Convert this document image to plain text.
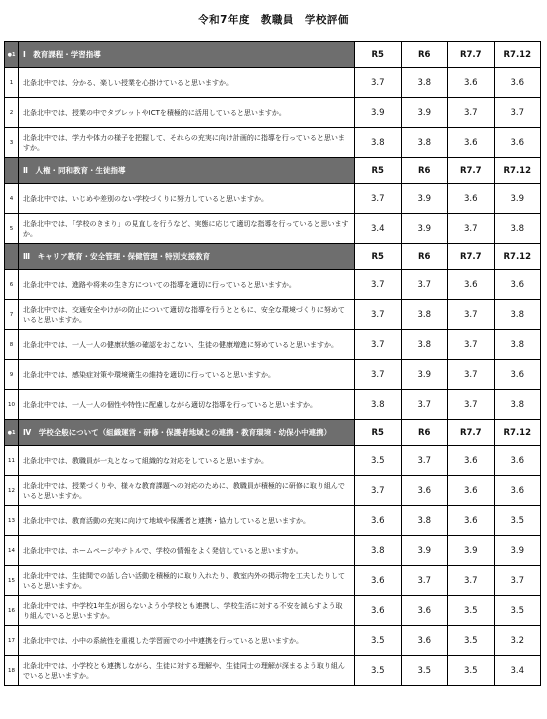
令和7年度　教職員　学校評価
●1	Ⅰ　教育課程・学習指導	R5	R6	R7.7	R7.12
1	北条北中では、分かる、楽しい授業を心掛けていると思いますか。	3.7	3.8	3.6	3.6
2	北条北中では、授業の中でタブレットやICTを積極的に活用していると思いますか。	3.9	3.9	3.7	3.7
3	北条北中では、学力や体力の様子を把握して、それらの充実に向け計画的に指導を行っていると思いますか。	3.8	3.8	3.6	3.6
	Ⅱ　人権・同和教育・生徒指導	R5	R6	R7.7	R7.12
4	北条北中では、いじめや差別のない学校づくりに努力していると思いますか。	3.7	3.9	3.6	3.9
5	北条北中では、「学校のきまり」の見直しを行うなど、実態に応じて適切な指導を行っていると思いますか。	3.4	3.9	3.7	3.8
	Ⅲ　キャリア教育・安全管理・保健管理・特別支援教育	R5	R6	R7.7	R7.12
6	北条北中では、進路や将来の生き方についての指導を適切に行っていると思いますか。	3.7	3.7	3.6	3.6
7	北条北中では、交通安全やけがの防止について適切な指導を行うとともに、安全な環境づくりに努めていると思いますか。	3.7	3.8	3.7	3.8
8	北条北中では、一人一人の健康状態の確認をおこない、生徒の健康増進に努めていると思いますか。	3.7	3.8	3.7	3.8
9	北条北中では、感染症対策や環境衛生の維持を適切に行っていると思いますか。	3.7	3.9	3.7	3.6
10	北条北中では、一人一人の個性や特性に配慮しながら適切な指導を行っていると思いますか。	3.8	3.7	3.7	3.8
●1	Ⅳ　学校全般について（組織運営・研修・保護者地域との連携・教育環境・幼保小中連携）	R5	R6	R7.7	R7.12
11	北条北中では、教職員が一丸となって組織的な対応をしていると思いますか。	3.5	3.7	3.6	3.6
12	北条北中では、授業づくりや、様々な教育課題への対応のために、教職員が積極的に研修に取り組んでいると思いますか。	3.7	3.6	3.6	3.6
13	北条北中では、教育活動の充実に向けて地域や保護者と連携・協力していると思いますか。	3.6	3.8	3.6	3.5
14	北条北中では、ホームページやテトルで、学校の情報をよく発信していると思いますか。	3.8	3.9	3.9	3.9
15	北条北中では、生徒間での話し合い活動を積極的に取り入れたり、教室内外の掲示物を工夫したりしていると思いますか。	3.6	3.7	3.7	3.7
16	北条北中では、中学校1年生が困らないよう小学校とも連携し、学校生活に対する不安を減らすよう取り組んでいると思いますか。	3.6	3.6	3.5	3.5
17	北条北中では、小中の系統性を重視した学習面での小中連携を行っていると思いますか。	3.5	3.6	3.5	3.2
18	北条北中では、小学校とも連携しながら、生徒に対する理解や、生徒同士の理解が深まるよう取り組んでいると思いますか。	3.5	3.5	3.5	3.4
